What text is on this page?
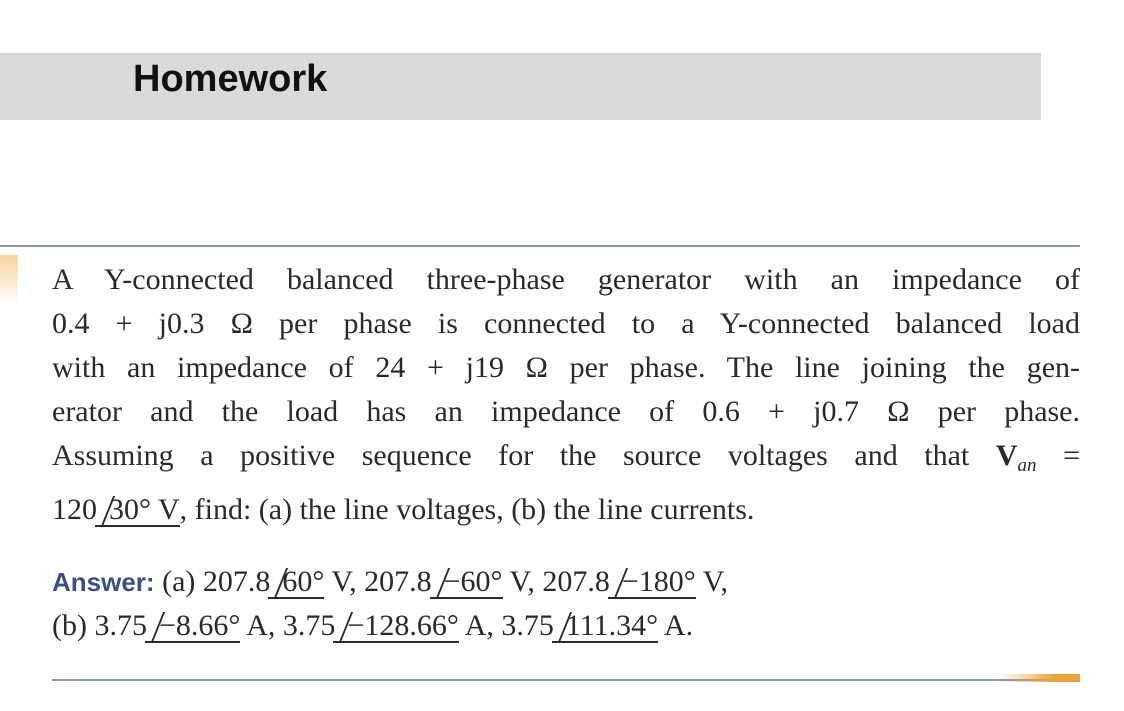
Homework
A Y-connected balanced three-phase generator with an impedance of
0.4 + j0.3 Ω per phase is connected to a Y-connected balanced load
with an impedance of 24 + j19 Ω per phase. The line joining the gen-
erator and the load has an impedance of 0.6 + j0.7 Ω per phase.
Assuming a positive sequence for the source voltages and that $V_{an}$ =
120 30° V, find: (a) the line voltages, (b) the line currents.
Answer: (a) 207.8 60° V, 207.8 −60° V, 207.8 −180° V,
(b) 3.75 −8.66° A, 3.75 −128.66° A, 3.75 111.34° A.
